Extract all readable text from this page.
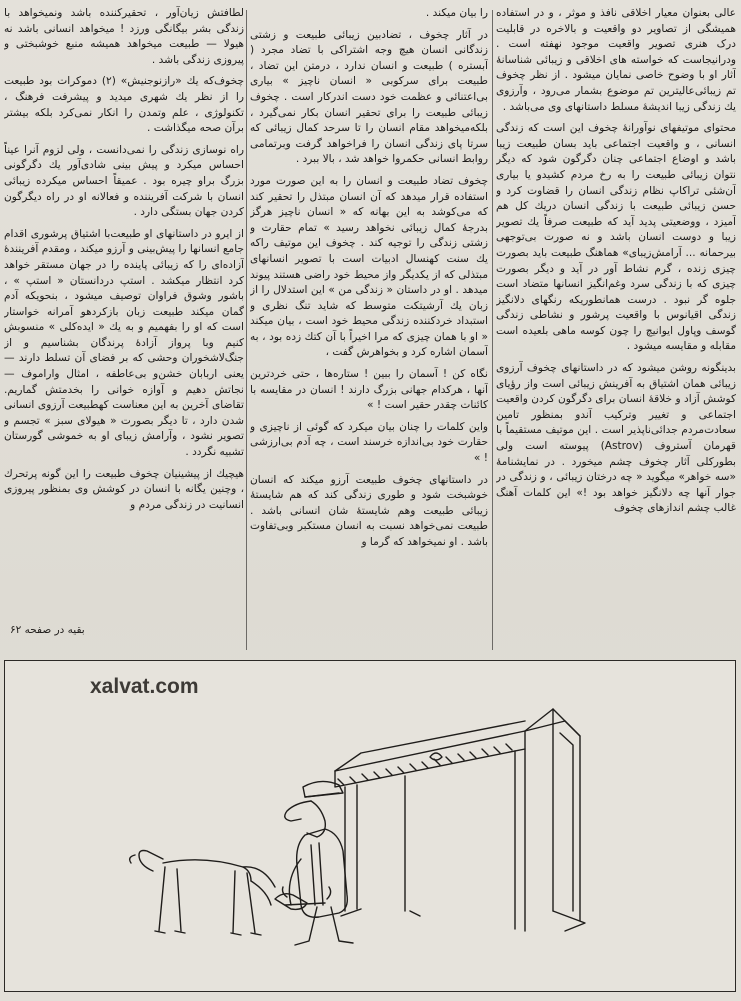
عالی بعنوان معیار اخلاقی نافذ و موثر ، و در استفاده همیشگی از تصاویر دو واقعیت و بالاخره در قابلیت درک هنری تصویر واقعیت موجود نهفته است . ودرانیجاست که خواسته های اخلاقی و زیبائی شناسانهٔ آثار او با وضوح خاصی نمایان میشود . از نظر چخوف تم زیبائی‌عالیترین تم موضوع بشمار می‌رود ، وآرزوی یك زندگی زیبا اندیشهٔ مسلط داستانهای وی می‌باشد .

محتوای موتیفهای نوآورانهٔ چخوف این است که زندگی انسانی ، و واقعیت اجتماعی باید بسان طبیعت زیبا باشد و اوضاع اجتماعی چنان دگرگون شود که دیگر نتوان زیبائی طبیعت را به رخ مردم کشیدو یا بیاری آن‌شئی تراکاپ نظام زندگی انسان را قضاوت کرد و حسن زیبائی طبیعت با زندگی انسان دریك کل هم آمیزد ، ووضعیتی پدید آید که طبیعت صرفاً يك تصویر زیبا و دوست انسان باشد و نه صورت بی‌توجهی بیرحمانه ... آرامش‌زیبای» هماهنگ طبیعت باید بصورت چیزی زنده ، گرم نشاط آور در آید و دیگر بصورت چیزی که با زندگی سرد وغم‌انگیز انسانها متضاد است جلوه گر نبود . درست همانطوریکه رنگهای دلانگیز زندگی اقیانوس با واقعیت پرشور و نشاطی زندگی گوسف وپاول ایوانیچ را چون کوسه ماهی بلعیده است مقابله و مقایسه میشود .

بدینگونه روشن میشود که در داستانهای چخوف آرزوی زیبائی همان اشتیاق به آفرینش زیبائی است واز رؤیای کوشش آزاد و خلاقهٔ انسان برای دگرگون کردن واقعیت اجتماعی و تغییر وترکیب آندو بمنظور تامین سعادت‌مردم جدائی‌ناپذیر است . این موتیف مستقیماً با قهرمان آستروف (Astrov) پیوسته است ولی بطورکلی آثار چخوف چشم میخورد . در نمایشنامهٔ «سه خواهر» میگوید « چه درختان زیبائی ، و زندگی در جوار آنها چه دلانگیز خواهد بود !» این کلمات آهنگ غالب چشم اندازهای چخوف

را بیان میکند .

در آثار چخوف ، تضادبین زیبائی طبیعت و زشتی زندگانی انسان هیچ وجه اشتراکی با تضاد مجرد ( آبستره ) طبیعت و انسان ندارد ، درمتن این تضاد ، طبیعت برای سرکوبی « انسان ناچیز » بیاری بی‌اعتنائی و عظمت خود دست اندرکار است . چخوف زیبائی طبیعت را برای تحقیر انسان بکار نمی‌گیرد ، بلکه‌میخواهد مقام انسان را تا سرحد کمال زیبائی که سرتا پای زندگی انسان را فراخواهد گرفت وبرتمامی روابط انسانی حکمروا خواهد شد ، بالا ببرد .

چخوف تضاد طبیعت و انسان را به این صورت مورد استفاده قرار میدهد که آن انسان مبتذل را تحقیر کند که می‌کوشد به این بهانه که « انسان ناچیز هرگز بدرجهٔ کمال زیبائی نخواهد رسید » تمام حقارت و زشتی زندگی را توجیه کند . چخوف این موتیف راکه يك سنت کهنسال ادبیات است با تصویر انسانهای مبتذلی که از یکدیگر واز محیط خود راضی هستند پیوند میدهد . او در داستان « زندگی من » این استدلال را از زبان يك آرشیتکت متوسط که شاید تنگ نظری و استبداد خردکننده زندگی محیط خود است ، بیان میکند « او با همان چیزی که مرا اخیراً با آن کتك زده بود ، به آسمان اشاره کرد و بخواهرش گفت ،

نگاه کن ! آسمان را ببین ! ستاره‌ها ، حتی خردترین آنها ، هرکدام جهانی بزرگ دارند ! انسان در مقایسه با کائنات چقدر حقیر است ! »

واین کلمات را چنان بیان میکرد که گوئی از ناچیزی و حقارت خود بی‌اندازه خرسند است ، چه آدم بی‌ارزشی ! »

در داستانهای چخوف طبیعت آرزو میکند که انسان خوشبخت شود و طوری زندگی کند که هم شایستهٔ زیبائی طبیعت وهم شایستهٔ شان انسانی باشد . طبیعت نمی‌خواهد نسبت به انسان مستکبر وبی‌تفاوت باشد . او نمیخواهد که گرما و

لطافتش زیان‌آور ، تحقیرکننده باشد ونمیخواهد با زندگی بشر بیگانگی ورزد ! میخواهد انسانی باشد نه هیولا — طبیعت میخواهد همیشه منبع خوشبختی و پیروزی زندگی باشد .

چخوف‌که يك «رازنوجنیش» (۲) دموکرات بود طبیعت را از نظر يك شهری میدید و پیشرفت فرهنگ ، تکنولوژی ، علم وتمدن را انکار نمی‌کرد بلکه بیشتر برآن صحه میگذاشت .

راه نوسازی زندگی را نمی‌دانست ، ولی لزوم آنرا عیناً احساس میکرد و پیش بینی شادی‌آور يك دگرگونی بزرگ براو چیره بود . عمیقاً احساس میکرده زیبائی انسان با شرکت آفریننده و فعالانه او در راه دیگرگون کردن جهان بستگی دارد .

از ایرو در داستانهای او طبیعت‌با اشتیاق پرشوری اقدام جامع انسانها را پیش‌بینی و آرزو میکند ، ومقدم آفرینندهٔ آزاده‌ای را که زیبائی پاینده را در جهان مستقر خواهد کرد انتظار میکشد . استپ دردانستان « استپ » ، باشور وشوق فراوان توصیف میشود ، بنحویکه آدم گمان میکند طبیعت زبان بازکردهو آمرانه خواستار است که او را بفهمیم و به يك « ایده‌کلی » منسوبش کنیم وبا پرواز آزادهٔ پرندگان بشناسیم و از جنگ‌لاشخوران وحشی که بر فضای آن تسلط دارند — یعنی اربابان خشن‌و بی‌عاطفه ، امثال واراموف — نجاتش دهیم و آوازه خوانی را بخدمتش گماریم. تقاضای آخرین به این معناست کهطبیعت آرزوی انسانی شدن دارد ، تا دیگر بصورت « هیولای سبز » تجسم و تصویر نشود ، وآرامش زیبای او به خموشی گورستان تشبیه نگردد .

هیچیك از پیشینیان چخوف طبیعت را این گونه پرتحرك ، وچنین یگانه با انسان در کوشش وی بمنظور پیروزی انسانیت در زندگی مردم و

بقیه در صفحه ۶۲
xalvat.com
